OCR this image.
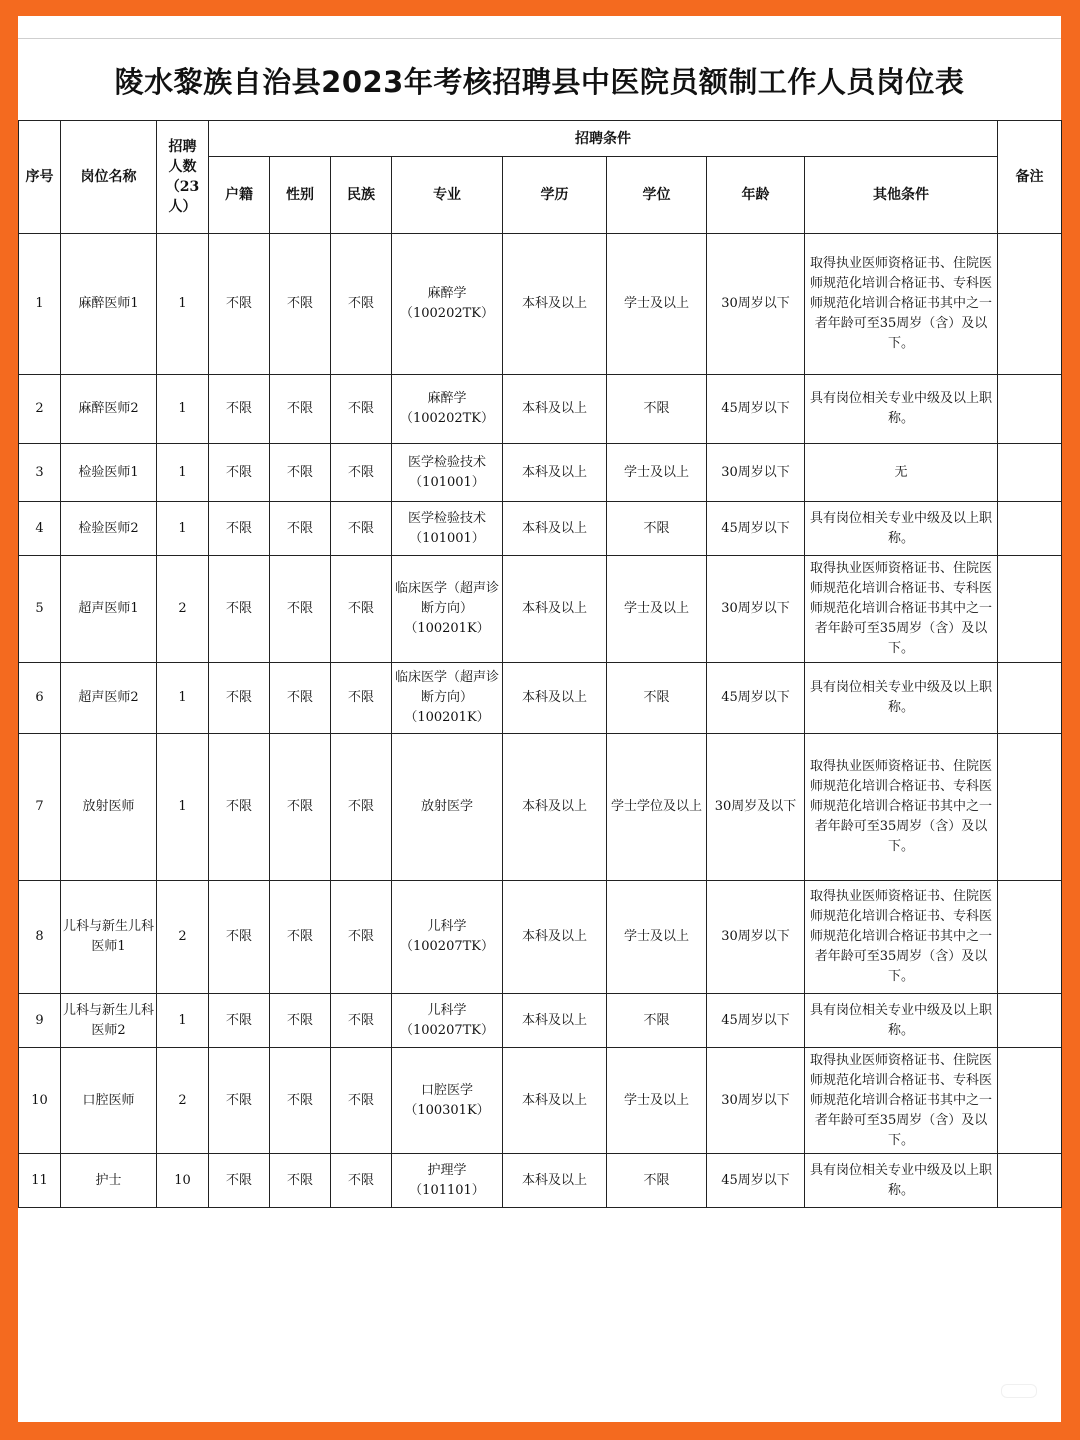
陵水黎族自治县2023年考核招聘县中医院员额制工作人员岗位表
序号	岗位名称	招聘人数（23人）	招聘条件								备注
			户籍	性别	民族	专业	学历	学位	年龄	其他条件	
1	麻醉医师1	1	不限	不限	不限	麻醉学（100202TK）	本科及以上	学士及以上	30周岁以下	取得执业医师资格证书、住院医师规范化培训合格证书、专科医师规范化培训合格证书其中之一者年龄可至35周岁（含）及以下。	
2	麻醉医师2	1	不限	不限	不限	麻醉学（100202TK）	本科及以上	不限	45周岁以下	具有岗位相关专业中级及以上职称。	
3	检验医师1	1	不限	不限	不限	医学检验技术（101001）	本科及以上	学士及以上	30周岁以下	无	
4	检验医师2	1	不限	不限	不限	医学检验技术（101001）	本科及以上	不限	45周岁以下	具有岗位相关专业中级及以上职称。	
5	超声医师1	2	不限	不限	不限	临床医学（超声诊断方向）（100201K）	本科及以上	学士及以上	30周岁以下	取得执业医师资格证书、住院医师规范化培训合格证书、专科医师规范化培训合格证书其中之一者年龄可至35周岁（含）及以下。	
6	超声医师2	1	不限	不限	不限	临床医学（超声诊断方向）（100201K）	本科及以上	不限	45周岁以下	具有岗位相关专业中级及以上职称。	
7	放射医师	1	不限	不限	不限	放射医学	本科及以上	学士学位及以上	30周岁及以下	取得执业医师资格证书、住院医师规范化培训合格证书、专科医师规范化培训合格证书其中之一者年龄可至35周岁（含）及以下。	
8	儿科与新生儿科医师1	2	不限	不限	不限	儿科学（100207TK）	本科及以上	学士及以上	30周岁以下	取得执业医师资格证书、住院医师规范化培训合格证书、专科医师规范化培训合格证书其中之一者年龄可至35周岁（含）及以下。	
9	儿科与新生儿科医师2	1	不限	不限	不限	儿科学（100207TK）	本科及以上	不限	45周岁以下	具有岗位相关专业中级及以上职称。	
10	口腔医师	2	不限	不限	不限	口腔医学（100301K）	本科及以上	学士及以上	30周岁以下	取得执业医师资格证书、住院医师规范化培训合格证书、专科医师规范化培训合格证书其中之一者年龄可至35周岁（含）及以下。	
11	护士	10	不限	不限	不限	护理学（101101）	本科及以上	不限	45周岁以下	具有岗位相关专业中级及以上职称。	
